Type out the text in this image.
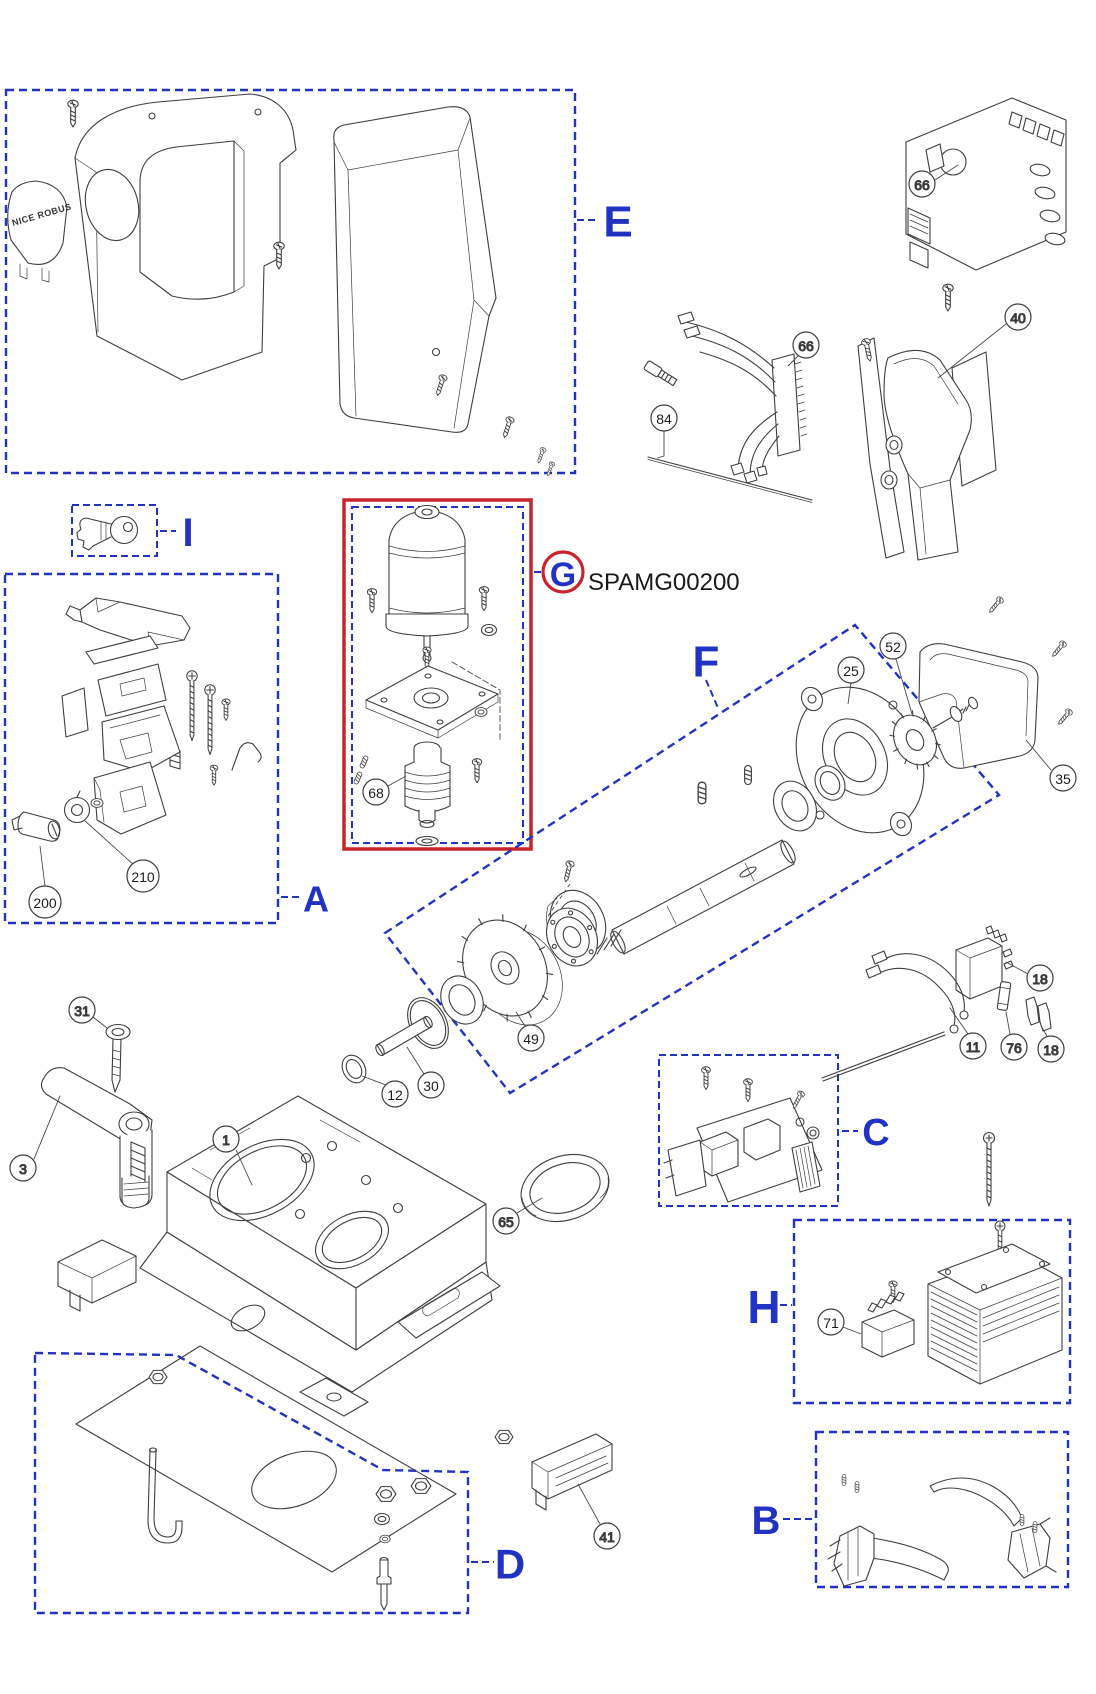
E
NICE ROBUS
66
66
84
40
I
G SPAMG00200
68
A
200
210
F
35
25
52
49
12
30
31
3
1
65
C
18
11 76 18
H	71
B
D
41
